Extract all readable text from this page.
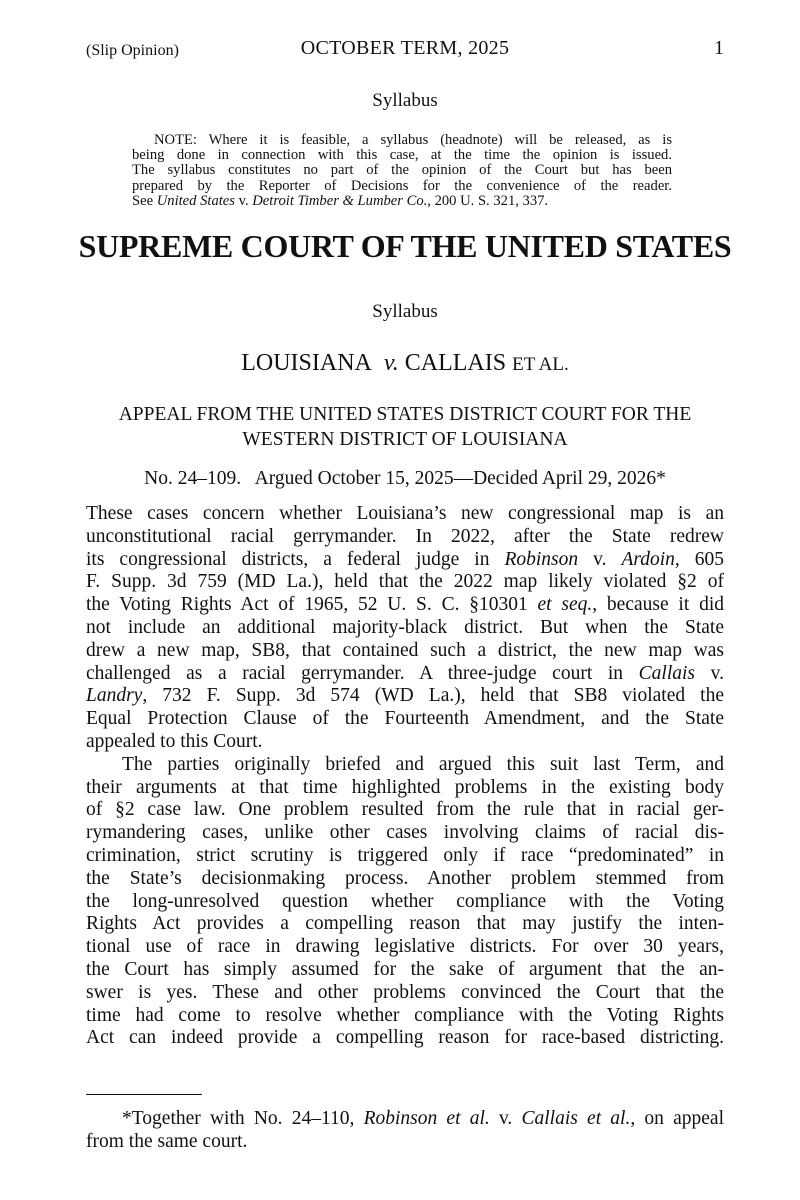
(Slip Opinion)	OCTOBER TERM, 2025	1
Syllabus
NOTE: Where it is feasible, a syllabus (headnote) will be released, as is
being done in connection with this case, at the time the opinion is issued.
The syllabus constitutes no part of the opinion of the Court but has been
prepared by the Reporter of Decisions for the convenience of the reader.
See United States v. Detroit Timber & Lumber Co., 200 U. S. 321, 337.
SUPREME COURT OF THE UNITED STATES
Syllabus
LOUISIANA v. CALLAIS ET AL.
APPEAL FROM THE UNITED STATES DISTRICT COURT FOR THE
WESTERN DISTRICT OF LOUISIANA
No. 24–109.   Argued October 15, 2025—Decided April 29, 2026*
These cases concern whether Louisiana’s new congressional map is an
unconstitutional racial gerrymander. In 2022, after the State redrew
its congressional districts, a federal judge in Robinson v. Ardoin, 605
F. Supp. 3d 759 (MD La.), held that the 2022 map likely violated §2 of
the Voting Rights Act of 1965, 52 U. S. C. §10301 et seq., because it did
not include an additional majority-black district. But when the State
drew a new map, SB8, that contained such a district, the new map was
challenged as a racial gerrymander. A three-judge court in Callais v.
Landry, 732 F. Supp. 3d 574 (WD La.), held that SB8 violated the
Equal Protection Clause of the Fourteenth Amendment, and the State
appealed to this Court.
The parties originally briefed and argued this suit last Term, and
their arguments at that time highlighted problems in the existing body
of §2 case law. One problem resulted from the rule that in racial ger-
rymandering cases, unlike other cases involving claims of racial dis-
crimination, strict scrutiny is triggered only if race “predominated” in
the State’s decisionmaking process. Another problem stemmed from
the long-unresolved question whether compliance with the Voting
Rights Act provides a compelling reason that may justify the inten-
tional use of race in drawing legislative districts. For over 30 years,
the Court has simply assumed for the sake of argument that the an-
swer is yes. These and other problems convinced the Court that the
time had come to resolve whether compliance with the Voting Rights
Act can indeed provide a compelling reason for race-based districting.
*Together with No. 24–110, Robinson et al. v. Callais et al., on appeal
from the same court.
